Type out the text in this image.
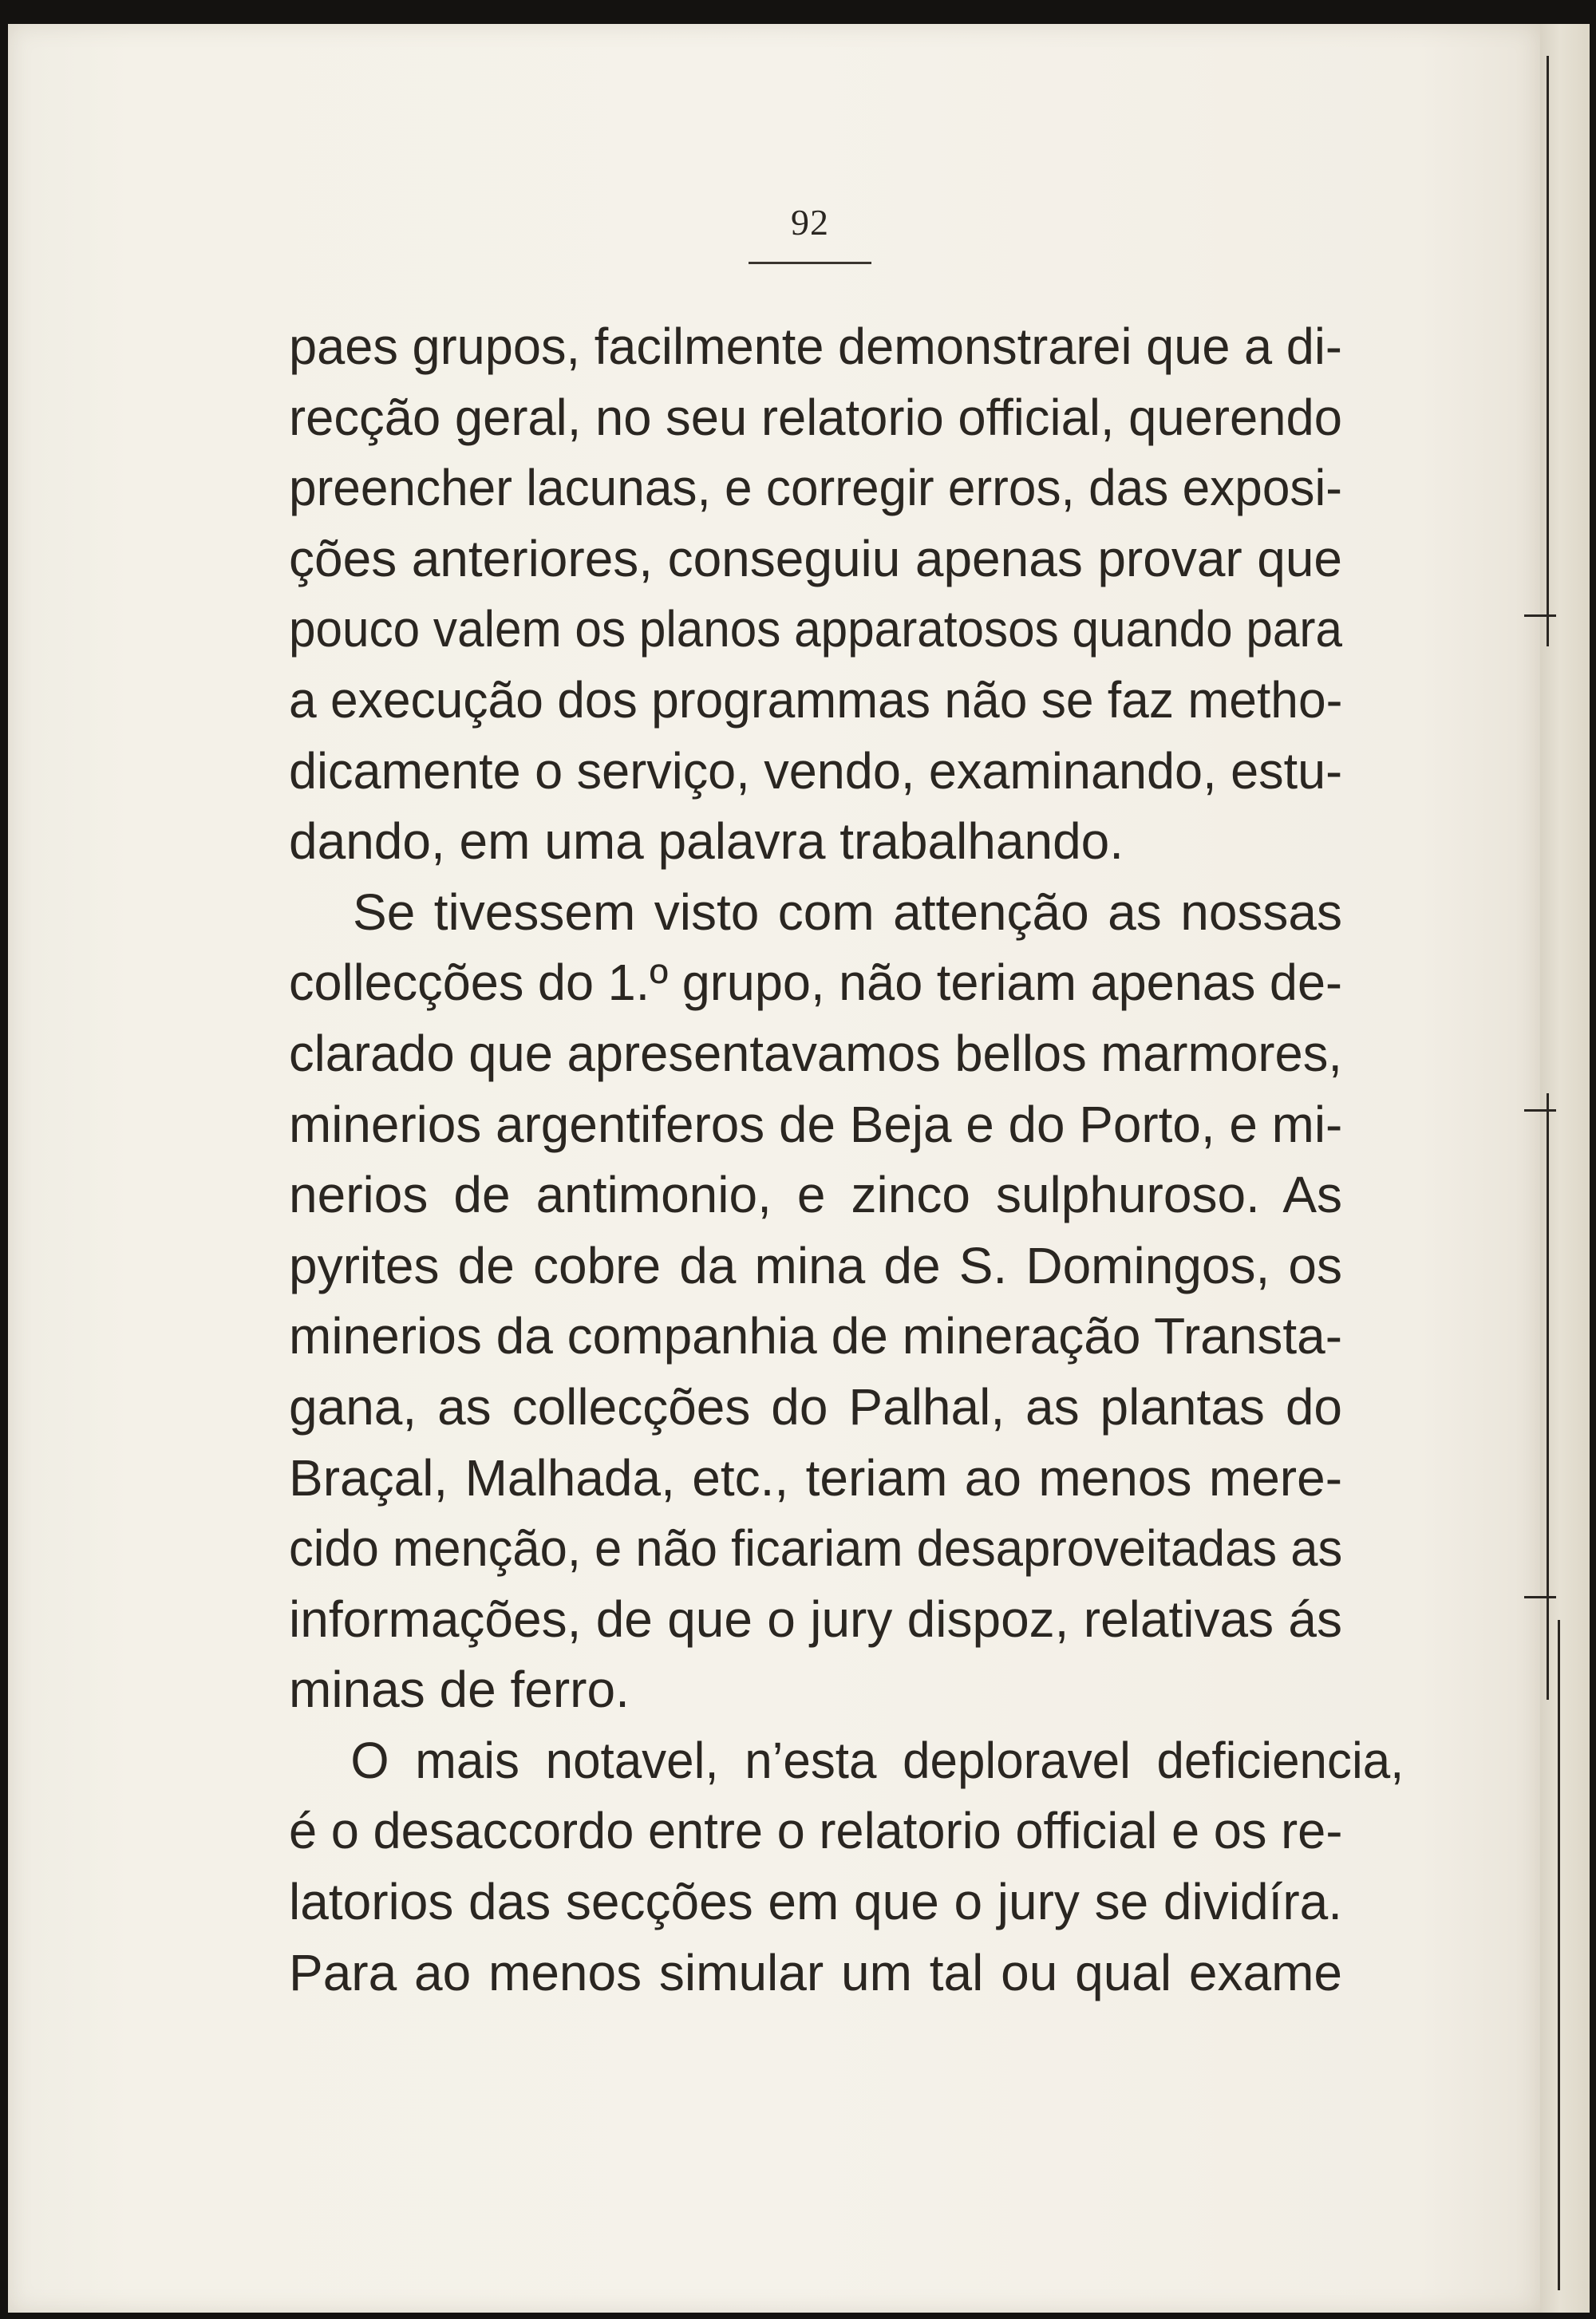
92
paes grupos, facilmente demonstrarei que a di-
recção geral, no seu relatorio official, querendo
preencher lacunas, e corregir erros, das exposi-
ções anteriores, conseguiu apenas provar que
pouco valem os planos apparatosos quando para
a execução dos programmas não se faz metho-
dicamente o serviço, vendo, examinando, estu-
dando, em uma palavra trabalhando.
Se tivessem visto com attenção as nossas
collecções do 1.º grupo, não teriam apenas de-
clarado que apresentavamos bellos marmores,
minerios argentiferos de Beja e do Porto, e mi-
nerios de antimonio, e zinco sulphuroso. As
pyrites de cobre da mina de S. Domingos, os
minerios da companhia de mineração Transta-
gana, as collecções do Palhal, as plantas do
Braçal, Malhada, etc., teriam ao menos mere-
cido menção, e não ficariam desaproveitadas as
informações, de que o jury dispoz, relativas ás
minas de ferro.
O mais notavel, n’esta deploravel deficiencia,
é o desaccordo entre o relatorio official e os re-
latorios das secções em que o jury se dividíra.
Para ao menos simular um tal ou qual exame
